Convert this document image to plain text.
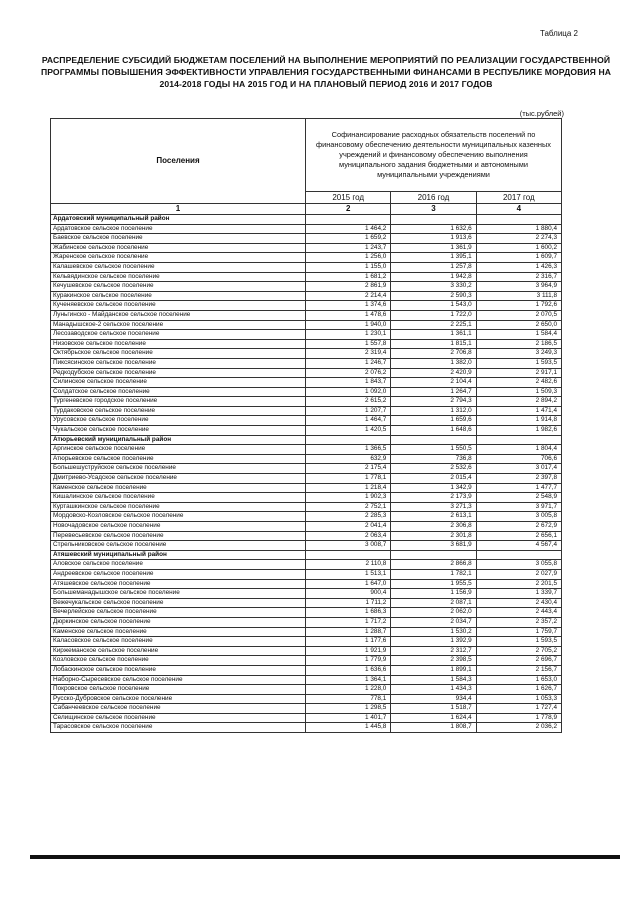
Таблица 2
РАСПРЕДЕЛЕНИЕ СУБСИДИЙ БЮДЖЕТАМ ПОСЕЛЕНИЙ НА ВЫПОЛНЕНИЕ МЕРОПРИЯТИЙ ПО РЕАЛИЗАЦИИ ГОСУДАРСТВЕННОЙ ПРОГРАММЫ ПОВЫШЕНИЯ ЭФФЕКТИВНОСТИ УПРАВЛЕНИЯ ГОСУДАРСТВЕННЫМИ ФИНАНСАМИ В РЕСПУБЛИКЕ МОРДОВИЯ НА 2014-2018 ГОДЫ НА 2015 ГОД И НА ПЛАНОВЫЙ ПЕРИОД 2016 И 2017 ГОДОВ
(тыс.рублей)
Поселения	Софинансирование расходных обязательств поселений по финансовому обеспечению деятельности муниципальных казенных учреждений и финансовому обеспечению выполнения муниципального задания бюджетными и автономными муниципальными учреждениями		
	2015 год	2016 год	2017 год
1	2	3	4
Ардатовский муниципальный район			
Ардатовское сельское поселение	1 464,2	1 632,6	1 880,4
Баевское сельское поселение	1 659,2	1 913,6	2 274,3
Жабинское сельское поселение	1 243,7	1 361,9	1 600,2
Жаренское сельское поселение	1 256,0	1 395,1	1 609,7
Калашевское сельское поселение	1 155,0	1 257,8	1 426,3
Кельвядинское сельское поселение	1 681,2	1 942,8	2 316,7
Кечушевское сельское поселение	2 861,9	3 330,2	3 964,9
Куракинское сельское поселение	2 214,4	2 590,3	3 111,8
Кученяевское сельское поселение	1 374,6	1 543,0	1 792,6
Луньгинско - Майданское сельское поселение	1 478,6	1 722,0	2 070,5
Манадышское-2 сельское поселение	1 940,0	2 225,1	2 650,0
Лесозаводское сельское поселение	1 230,1	1 361,1	1 584,4
Низовское сельское поселение	1 557,8	1 815,1	2 186,5
Октябрьское сельское поселение	2 319,4	2 706,8	3 249,3
Пиксясинское сельское поселение	1 246,7	1 382,0	1 593,5
Редкодубское сельское поселение	2 076,2	2 420,9	2 917,1
Силинское сельское поселение	1 843,7	2 104,4	2 482,6
Солдатское сельское поселение	1 092,0	1 264,7	1 509,3
Тургеневское городское поселение	2 615,2	2 794,3	2 894,2
Турдаковское сельское поселение	1 207,7	1 312,0	1 471,4
Урусовское сельское поселение	1 464,7	1 659,6	1 914,8
Чукальское сельское поселение	1 420,5	1 648,6	1 982,6
Атюрьевский муниципальный район			
Аргинское сельское поселение	1 366,5	1 550,5	1 804,4
Атюрьевское сельское поселение	632,9	736,8	706,6
Большешуструйское сельское поселение	2 175,4	2 532,6	3 017,4
Дмитриево-Усадское сельское поселение	1 778,1	2 015,4	2 397,8
Каменское сельское поселение	1 218,4	1 342,9	1 477,7
Кишалинское сельское поселение	1 902,3	2 173,9	2 548,9
Курташкинское сельское поселение	2 752,1	3 271,3	3 971,7
Мордовско-Козловское сельское поселение	2 285,3	2 613,1	3 005,8
Новочадовское сельское поселение	2 041,4	2 306,8	2 672,9
Перевесьевское сельское поселение	2 063,4	2 301,8	2 656,1
Стрельниковское сельское поселение	3 008,7	3 681,9	4 567,4
Атяшевский муниципальный район			
Аловское сельское поселение	2 110,8	2 866,8	3 055,8
Андреевское сельское поселение	1 513,1	1 782,1	2 027,9
Атяшевское сельское поселение	1 647,0	1 955,5	2 201,5
Большеманадышское сельское поселение	900,4	1 156,9	1 339,7
Вежечукальское сельское поселение	1 711,2	2 087,1	2 430,4
Вечерлейское сельское поселение	1 686,3	2 062,0	2 443,4
Дюркинское сельское поселение	1 717,2	2 034,7	2 357,2
Каменское сельское поселение	1 288,7	1 530,2	1 759,7
Каласовское сельское поселение	1 177,6	1 392,9	1 593,5
Киржеманское сельское поселение	1 921,9	2 312,7	2 705,2
Козловское сельское поселение	1 779,9	2 398,5	2 696,7
Лобаскинское сельское поселение	1 636,6	1 899,1	2 156,7
Наборно-Сыресевское сельское поселение	1 364,1	1 584,3	1 653,0
Покровское сельское поселение	1 228,0	1 434,3	1 626,7
Русско-Дубровское сельское поселение	778,1	934,4	1 053,3
Сабанчеевское сельское поселение	1 298,5	1 518,7	1 727,4
Селищинское сельское поселение	1 401,7	1 624,4	1 778,9
Тарасовское сельское поселение	1 445,8	1 808,7	2 036,2
